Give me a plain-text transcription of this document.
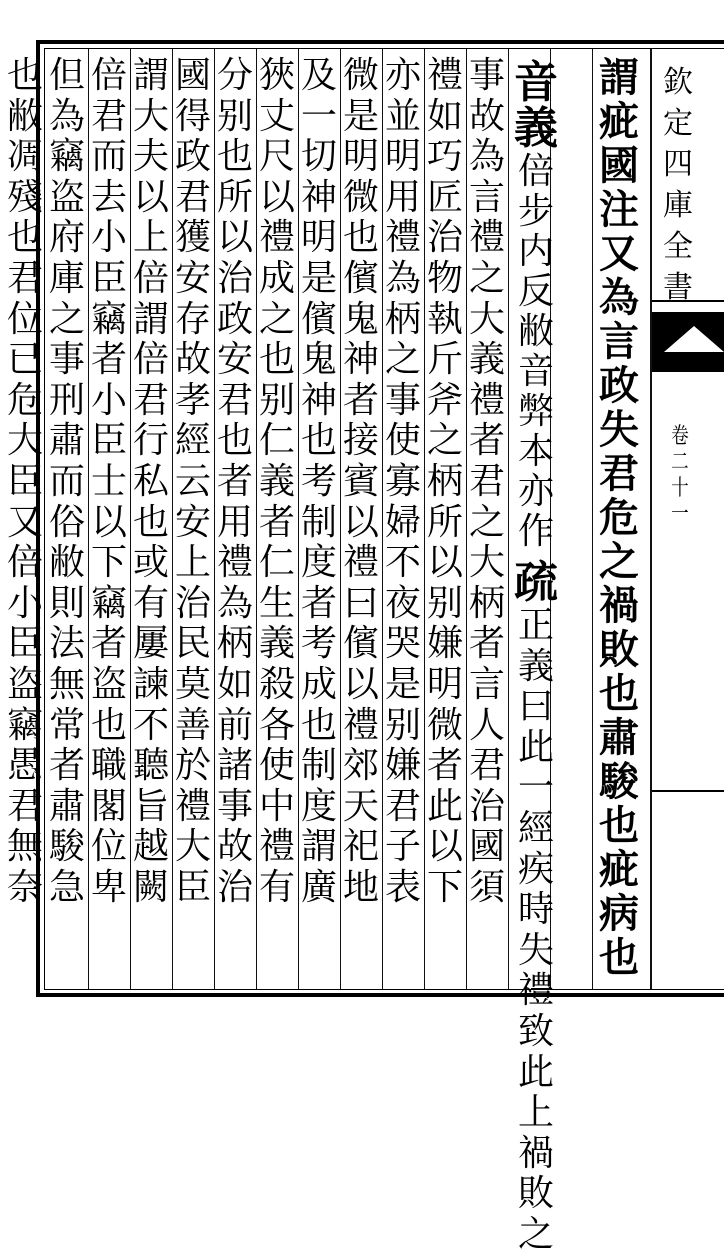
欽定四庫全書
卷二十一
謂疵國注又為言政失君危之禍敗也肅駿也疵病也
音義
倍步内反敝音弊本亦作
疏
正義曰此一經疾時失禮致此上禍敗之
事故為言禮之大義禮者君之大柄者言人君治國須
禮如巧匠治物執斤斧之柄所以别嫌明微者此以下
亦並明用禮為柄之事使寡婦不夜哭是别嫌君子表
微是明微也儐鬼神者接賓以禮曰儐以禮郊天祀地
及一切神明是儐鬼神也考制度者考成也制度謂廣
狹丈尺以禮成之也别仁義者仁生義殺各使中禮有
分别也所以治政安君也者用禮為柄如前諸事故治
國得政君獲安存故孝經云安上治民莫善於禮大臣
謂大夫以上倍謂倍君行私也或有屢諫不聽旨越闕
倍君而去小臣竊者小臣士以下竊者盗也職閣位卑
但為竊盗府庫之事刑肅而俗敝則法無常者肅駿急
也敝凋殘也君位已危大臣又倍小臣盗竊愚君無奈
